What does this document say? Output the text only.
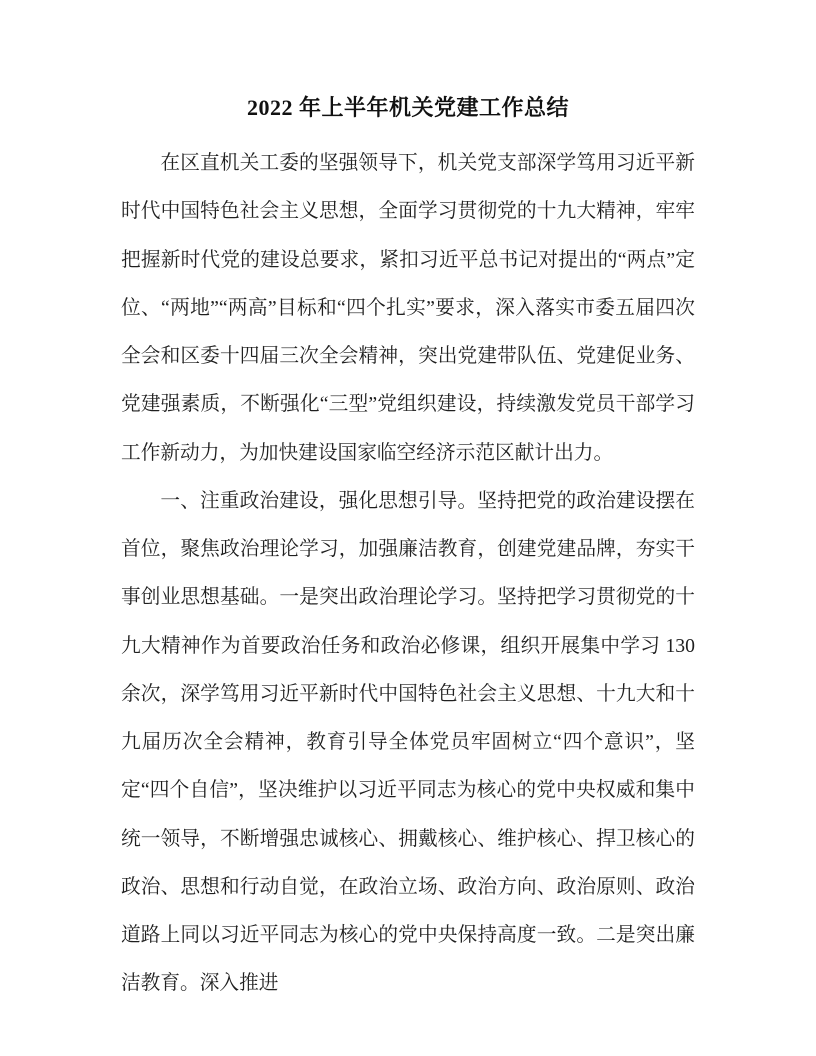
2022 年上半年机关党建工作总结

在区直机关工委的坚强领导下，机关党支部深学笃用习近平新时代中国特色社会主义思想，全面学习贯彻党的十九大精神，牢牢把握新时代党的建设总要求，紧扣习近平总书记对提出的“两点”定位、“两地”“两高”目标和“四个扎实”要求，深入落实市委五届四次全会和区委十四届三次全会精神，突出党建带队伍、党建促业务、党建强素质，不断强化“三型”党组织建设，持续激发党员干部学习工作新动力，为加快建设国家临空经济示范区献计出力。

一、注重政治建设，强化思想引导。坚持把党的政治建设摆在首位，聚焦政治理论学习，加强廉洁教育，创建党建品牌，夯实干事创业思想基础。一是突出政治理论学习。坚持把学习贯彻党的十九大精神作为首要政治任务和政治必修课，组织开展集中学习 130 余次，深学笃用习近平新时代中国特色社会主义思想、十九大和十九届历次全会精神，教育引导全体党员牢固树立“四个意识”，坚定“四个自信”，坚决维护以习近平同志为核心的党中央权威和集中统一领导，不断增强忠诚核心、拥戴核心、维护核心、捍卫核心的政治、思想和行动自觉，在政治立场、政治方向、政治原则、政治道路上同以习近平同志为核心的党中央保持高度一致。二是突出廉洁教育。深入推进
